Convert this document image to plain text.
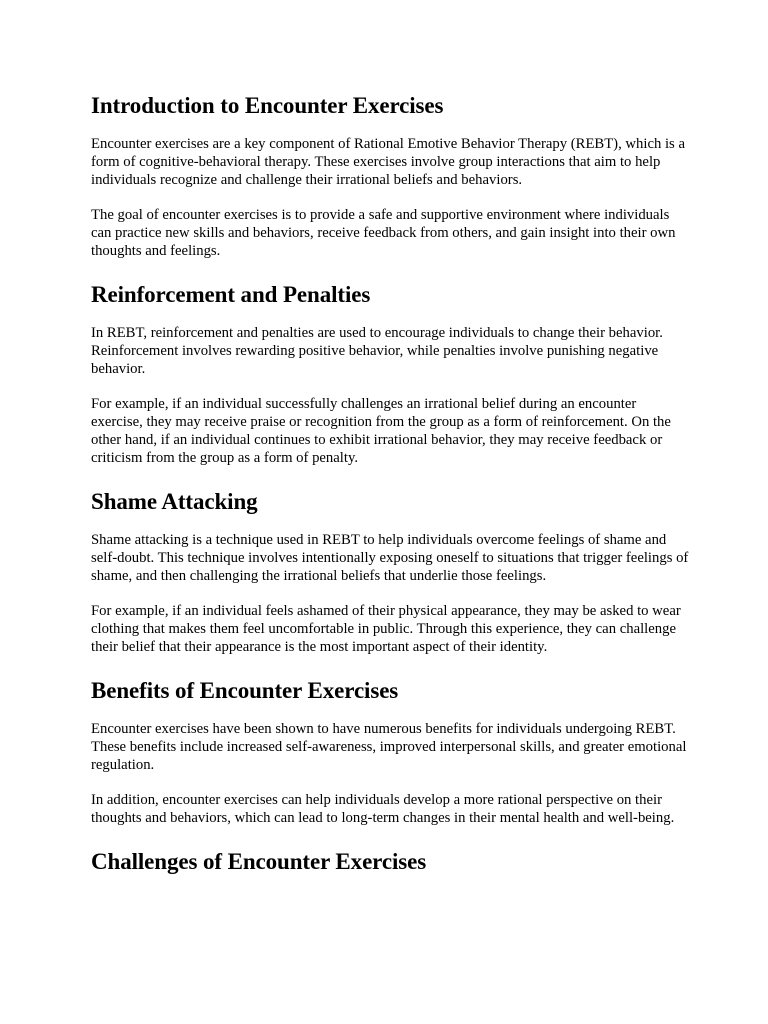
Introduction to Encounter Exercises

Encounter exercises are a key component of Rational Emotive Behavior Therapy (REBT), which is a form of cognitive-behavioral therapy. These exercises involve group interactions that aim to help individuals recognize and challenge their irrational beliefs and behaviors.

The goal of encounter exercises is to provide a safe and supportive environment where individuals can practice new skills and behaviors, receive feedback from others, and gain insight into their own thoughts and feelings.

Reinforcement and Penalties

In REBT, reinforcement and penalties are used to encourage individuals to change their behavior. Reinforcement involves rewarding positive behavior, while penalties involve punishing negative behavior.

For example, if an individual successfully challenges an irrational belief during an encounter exercise, they may receive praise or recognition from the group as a form of reinforcement. On the other hand, if an individual continues to exhibit irrational behavior, they may receive feedback or criticism from the group as a form of penalty.

Shame Attacking

Shame attacking is a technique used in REBT to help individuals overcome feelings of shame and self-doubt. This technique involves intentionally exposing oneself to situations that trigger feelings of shame, and then challenging the irrational beliefs that underlie those feelings.

For example, if an individual feels ashamed of their physical appearance, they may be asked to wear clothing that makes them feel uncomfortable in public. Through this experience, they can challenge their belief that their appearance is the most important aspect of their identity.

Benefits of Encounter Exercises

Encounter exercises have been shown to have numerous benefits for individuals undergoing REBT. These benefits include increased self-awareness, improved interpersonal skills, and greater emotional regulation.

In addition, encounter exercises can help individuals develop a more rational perspective on their thoughts and behaviors, which can lead to long-term changes in their mental health and well-being.

Challenges of Encounter Exercises
